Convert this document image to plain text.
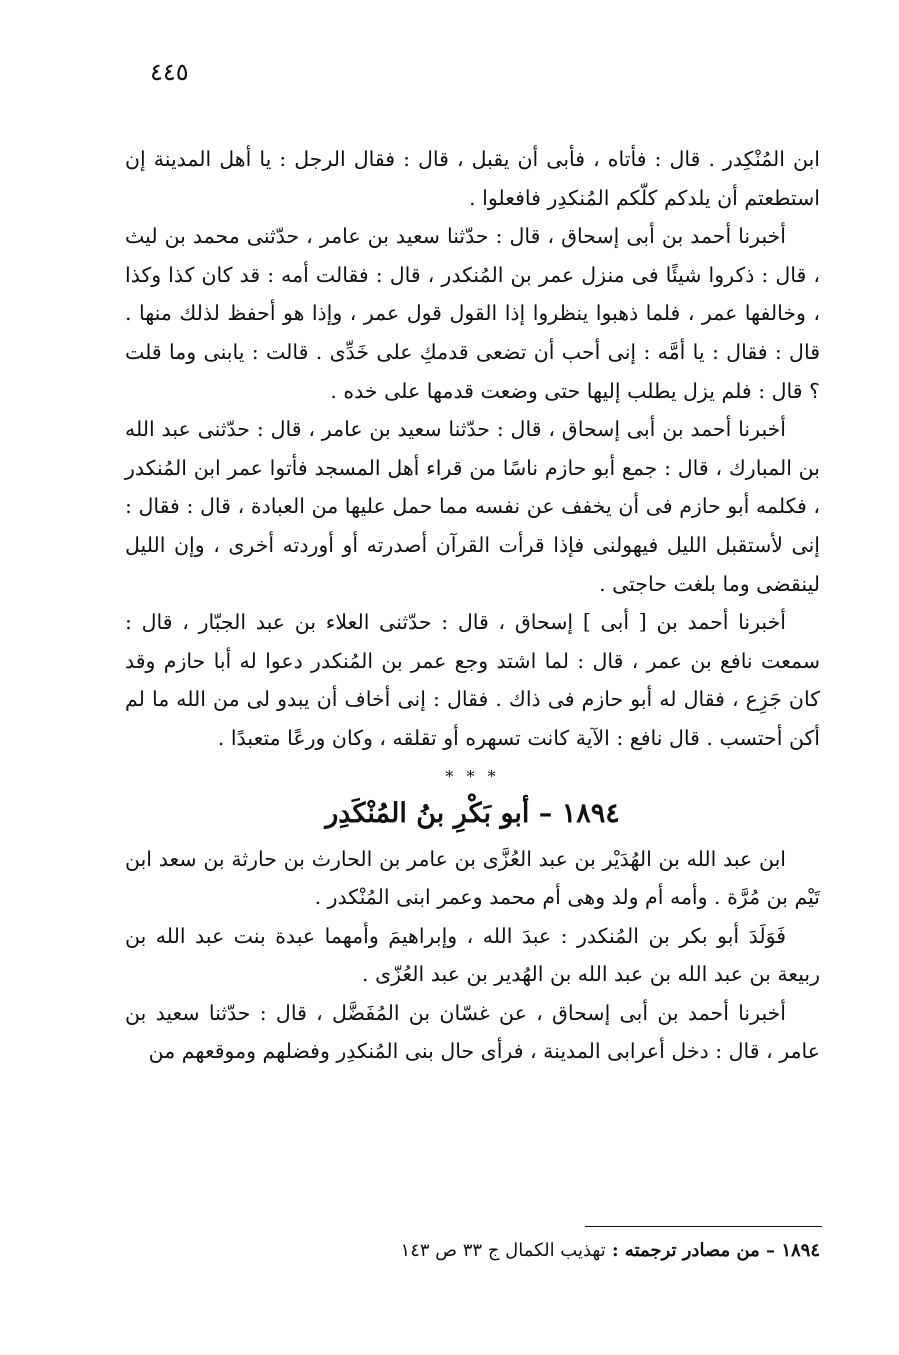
٤٤٥

ابن المُنْكِدر . قال : فأتاه ، فأبى أن يقبل ، قال : فقال الرجل : يا أهل المدينة إن استطعتم أن يلدكم كلّكم المُنكدِر فافعلوا .

أخبرنا أحمد بن أبى إسحاق ، قال : حدّثنا سعيد بن عامر ، حدّثنى محمد بن ليث ، قال : ذكروا شيئًا فى منزل عمر بن المُنكدر ، قال : فقالت أمه : قد كان كذا وكذا ، وخالفها عمر ، فلما ذهبوا ينظروا إذا القول قول عمر ، وإذا هو أحفظ لذلك منها . قال : فقال : يا أمَّه : إنى أحب أن تضعى قدمكِ على خَدِّى . قالت : يابنى وما قلت ؟ قال : فلم يزل يطلب إليها حتى وضعت قدمها على خده .

أخبرنا أحمد بن أبى إسحاق ، قال : حدّثنا سعيد بن عامر ، قال : حدّثنى عبد الله بن المبارك ، قال : جمع أبو حازم ناسًا من قراء أهل المسجد فأتوا عمر ابن المُنكدر ، فكلمه أبو حازم فى أن يخفف عن نفسه مما حمل عليها من العبادة ، قال : فقال : إنى لأستقبل الليل فيهولنى فإذا قرأت القرآن أصدرته أو أوردته أخرى ، وإن الليل لينقضى وما بلغت حاجتى .

أخبرنا أحمد بن [ أبى ] إسحاق ، قال : حدّثنى العلاء بن عبد الجبّار ، قال : سمعت نافع بن عمر ، قال : لما اشتد وجع عمر بن المُنكدر دعوا له أبا حازم وقد كان جَزِع ، فقال له أبو حازم فى ذاك . فقال : إنى أخاف أن يبدو لى من الله ما لم أكن أحتسب . قال نافع : الآية كانت تسهره أو تقلقه ، وكان ورعًا متعبدًا .

* * *
١٨٩٤ – أبو بَكْرِ بنُ المُنْكَدِر

ابن عبد الله بن الهُدَيْر بن عبد العُزَّى بن عامر بن الحارث بن حارثة بن سعد ابن تَيْم بن مُرَّة . وأمه أم ولد وهى أم محمد وعمر ابنى المُنْكدر .

فَوَلَدَ أبو بكر بن المُنكدر : عبدَ الله ، وإبراهيمَ وأمهما عبدة بنت عبد الله بن ربيعة بن عبد الله بن عبد الله بن الهُدير بن عبد العُزّى .

أخبرنا أحمد بن أبى إسحاق ، عن غسّان بن المُفَضَّل ، قال : حدّثنا سعيد بن عامر ، قال : دخل أعرابى المدينة ، فرأى حال بنى المُنكدِر وفضلهم وموقعهم من

١٨٩٤ – من مصادر ترجمته : تهذيب الكمال ج ٣٣ ص ١٤٣
